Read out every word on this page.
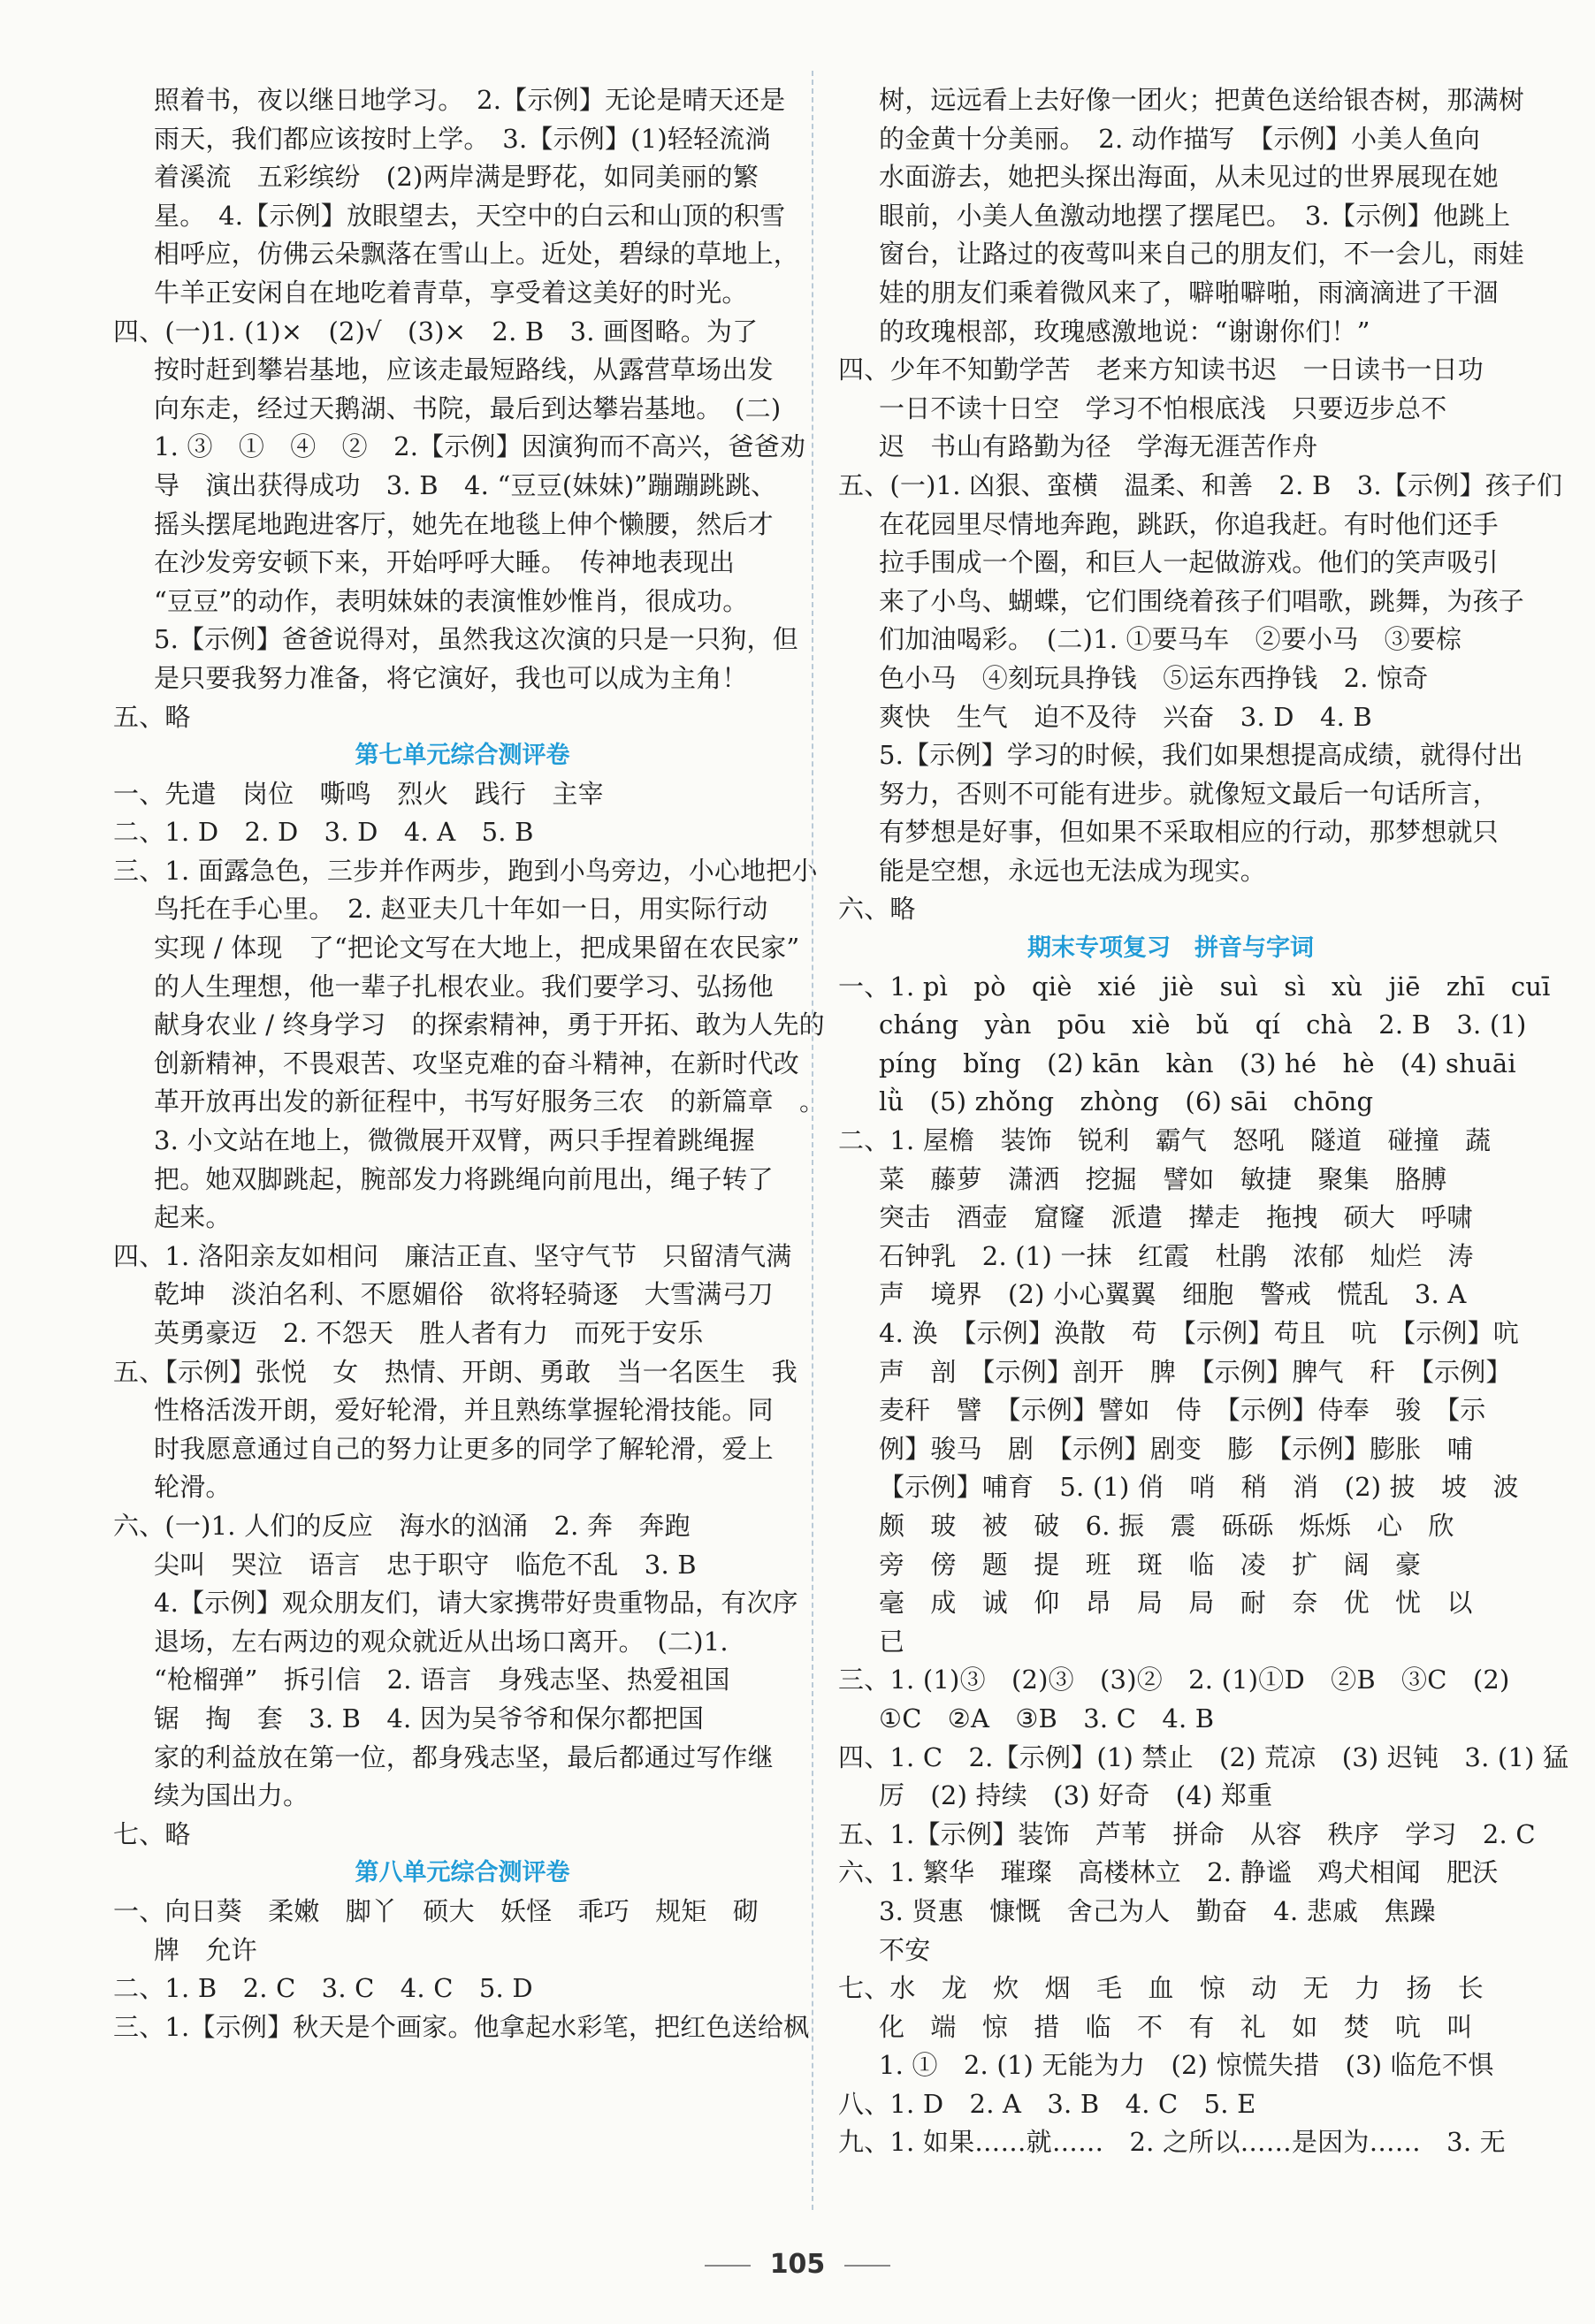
照着书，夜以继日地学习。　2.【示例】无论是晴天还是

雨天，我们都应该按时上学。　3.【示例】(1)轻轻流淌

着溪流　五彩缤纷　(2)两岸满是野花，如同美丽的繁

星。　4.【示例】放眼望去，天空中的白云和山顶的积雪

相呼应，仿佛云朵飘落在雪山上。近处，碧绿的草地上，

牛羊正安闲自在地吃着青草，享受着这美好的时光。

四、(一)1. (1)×　(2)√　(3)×　2. B　3. 画图略。为了

按时赶到攀岩基地，应该走最短路线，从露营草场出发

向东走，经过天鹅湖、书院，最后到达攀岩基地。　(二)

1. ③　①　④　②　2.【示例】因演狗而不高兴，爸爸劝

导　演出获得成功　3. B　4. “豆豆(妹妹)”蹦蹦跳跳、

摇头摆尾地跑进客厅，她先在地毯上伸个懒腰，然后才

在沙发旁安顿下来，开始呼呼大睡。　传神地表现出

“豆豆”的动作，表明妹妹的表演惟妙惟肖，很成功。

5.【示例】爸爸说得对，虽然我这次演的只是一只狗，但

是只要我努力准备，将它演好，我也可以成为主角！

五、略

第七单元综合测评卷

一、先遣　岗位　嘶鸣　烈火　践行　主宰

二、1. D　2. D　3. D　4. A　5. B

三、1. 面露急色，三步并作两步，跑到小鸟旁边，小心地把小

鸟托在手心里。　2. 赵亚夫几十年如一日，用实际行动

实现 / 体现　了“把论文写在大地上，把成果留在农民家”

的人生理想，他一辈子扎根农业。我们要学习、弘扬他

献身农业 / 终身学习　的探索精神，勇于开拓、敢为人先的

创新精神，不畏艰苦、攻坚克难的奋斗精神，在新时代改

革开放再出发的新征程中，书写好服务三农　的新篇章　。

3. 小文站在地上，微微展开双臂，两只手捏着跳绳握

把。她双脚跳起，腕部发力将跳绳向前甩出，绳子转了

起来。

四、1. 洛阳亲友如相问　廉洁正直、坚守气节　只留清气满

乾坤　淡泊名利、不愿媚俗　欲将轻骑逐　大雪满弓刀

英勇豪迈　2. 不怨天　胜人者有力　而死于安乐

五、【示例】张悦　女　热情、开朗、勇敢　当一名医生　我

性格活泼开朗，爱好轮滑，并且熟练掌握轮滑技能。同

时我愿意通过自己的努力让更多的同学了解轮滑，爱上

轮滑。

六、(一)1. 人们的反应　海水的汹涌　2. 奔　奔跑

尖叫　哭泣　语言　忠于职守　临危不乱　3. B

4.【示例】观众朋友们，请大家携带好贵重物品，有次序

退场，左右两边的观众就近从出场口离开。　(二)1.

“枪榴弹”　拆引信　2. 语言　身残志坚、热爱祖国

锯　掏　套　3. B　4. 因为吴爷爷和保尔都把国

家的利益放在第一位，都身残志坚，最后都通过写作继

续为国出力。

七、略

第八单元综合测评卷

一、向日葵　柔嫩　脚丫　硕大　妖怪　乖巧　规矩　砌

牌　允许

二、1. B　2. C　3. C　4. C　5. D

三、1.【示例】秋天是个画家。他拿起水彩笔，把红色送给枫

树，远远看上去好像一团火；把黄色送给银杏树，那满树

的金黄十分美丽。　2. 动作描写　【示例】小美人鱼向

水面游去，她把头探出海面，从未见过的世界展现在她

眼前，小美人鱼激动地摆了摆尾巴。　3.【示例】他跳上

窗台，让路过的夜莺叫来自己的朋友们，不一会儿，雨娃

娃的朋友们乘着微风来了，噼啪噼啪，雨滴滴进了干涸

的玫瑰根部，玫瑰感激地说：“谢谢你们！”

四、少年不知勤学苦　老来方知读书迟　一日读书一日功

一日不读十日空　学习不怕根底浅　只要迈步总不

迟　书山有路勤为径　学海无涯苦作舟

五、(一)1. 凶狠、蛮横　温柔、和善　2. B　3.【示例】孩子们

在花园里尽情地奔跑，跳跃，你追我赶。有时他们还手

拉手围成一个圈，和巨人一起做游戏。他们的笑声吸引

来了小鸟、蝴蝶，它们围绕着孩子们唱歌，跳舞，为孩子

们加油喝彩。　(二)1. ①要马车　②要小马　③要棕

色小马　④刻玩具挣钱　⑤运东西挣钱　2. 惊奇

爽快　生气　迫不及待　兴奋　3. D　4. B

5.【示例】学习的时候，我们如果想提高成绩，就得付出

努力，否则不可能有进步。就像短文最后一句话所言，

有梦想是好事，但如果不采取相应的行动，那梦想就只

能是空想，永远也无法成为现实。

六、略

期末专项复习　拼音与字词

一、1. pì　pò　qiè　xié　jiè　suì　sì　xù　jiē　zhī　cuī

cháng　yàn　pōu　xiè　bǔ　qí　chà　2. B　3. (1)

píng　bǐng　(2) kān　kàn　(3) hé　hè　(4) shuāi

lǜ　(5) zhǒng　zhòng　(6) sāi　chōng

二、1. 屋檐　装饰　锐利　霸气　怒吼　隧道　碰撞　蔬

菜　藤萝　潇洒　挖掘　譬如　敏捷　聚集　胳膊

突击　酒壶　窟窿　派遣　撵走　拖拽　硕大　呼啸

石钟乳　2. (1) 一抹　红霞　杜鹃　浓郁　灿烂　涛

声　境界　(2) 小心翼翼　细胞　警戒　慌乱　3. A

4. 涣　【示例】涣散　苟　【示例】苟且　吭　【示例】吭

声　剖　【示例】剖开　脾　【示例】脾气　秆　【示例】

麦秆　譬　【示例】譬如　侍　【示例】侍奉　骏　【示

例】骏马　剧　【示例】剧变　膨　【示例】膨胀　哺

【示例】哺育　5. (1) 俏　哨　稍　消　(2) 披　坡　波

颇　玻　被　破　6. 振　震　砾砾　烁烁　心　欣

旁　傍　题　提　班　斑　临　凌　扩　阔　豪

毫　成　诚　仰　昂　局　局　耐　奈　优　忧　以

已

三、1. (1)③　(2)③　(3)②　2. (1)①D　②B　③C　(2)

①C　②A　③B　3. C　4. B

四、1. C　2.【示例】(1) 禁止　(2) 荒凉　(3) 迟钝　3. (1) 猛

厉　(2) 持续　(3) 好奇　(4) 郑重

五、1.【示例】装饰　芦苇　拼命　从容　秩序　学习　2. C

六、1. 繁华　璀璨　高楼林立　2. 静谧　鸡犬相闻　肥沃

3. 贤惠　慷慨　舍己为人　勤奋　4. 悲戚　焦躁

不安

七、水　龙　炊　烟　毛　血　惊　动　无　力　扬　长

化　端　惊　措　临　不　有　礼　如　焚　吭　叫

1. ①　2. (1) 无能为力　(2) 惊慌失措　(3) 临危不惧

八、1. D　2. A　3. B　4. C　5. E

九、1. 如果……就……　2. 之所以……是因为……　3. 无

105
